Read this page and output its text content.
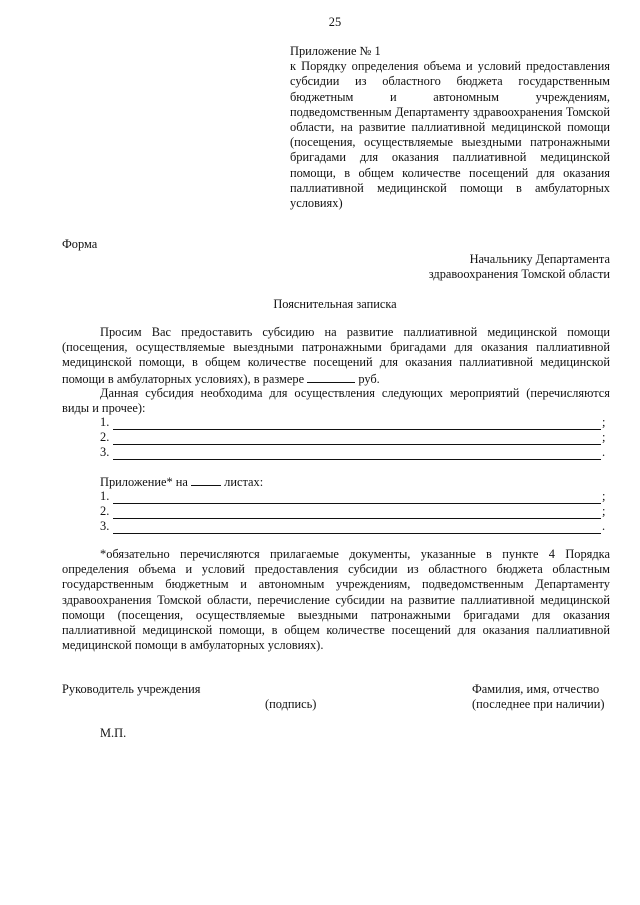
25
Приложение № 1
к Порядку определения объема и условий предоставления субсидии из областного бюджета государственным бюджетным и автономным учреждениям, подведомственным Департаменту здравоохранения Томской области, на развитие паллиативной медицинской помощи (посещения, осуществляемые выездными патронажными бригадами для оказания паллиативной медицинской помощи, в общем количестве посещений для оказания паллиативной медицинской помощи в амбулаторных условиях)
Форма
Начальнику Департамента
здравоохранения Томской области
Пояснительная записка
Просим Вас предоставить субсидию на развитие паллиативной медицинской помощи (посещения, осуществляемые выездными патронажными бригадами для оказания паллиативной медицинской помощи, в общем количестве посещений для оказания паллиативной медицинской помощи в амбулаторных условиях), в размере	руб.
Данная субсидия необходима для осуществления следующих мероприятий (перечисляются виды и прочее):
1.	;
2.	;
3.	.
Приложение* на	листах:
1.	;
2.	;
3.	.
*обязательно перечисляются прилагаемые документы, указанные в пункте 4 Порядка определения объема и условий предоставления субсидии из областного бюджета областным государственным бюджетным и автономным учреждениям, подведомственным Департаменту здравоохранения Томской области, перечисление субсидии на развитие паллиативной медицинской помощи (посещения, осуществляемые выездными патронажными бригадами для оказания паллиативной медицинской помощи, в общем количестве посещений для оказания паллиативной медицинской помощи в амбулаторных условиях).
Руководитель учреждения
(подпись)
Фамилия, имя, отчество
(последнее при наличии)
М.П.
